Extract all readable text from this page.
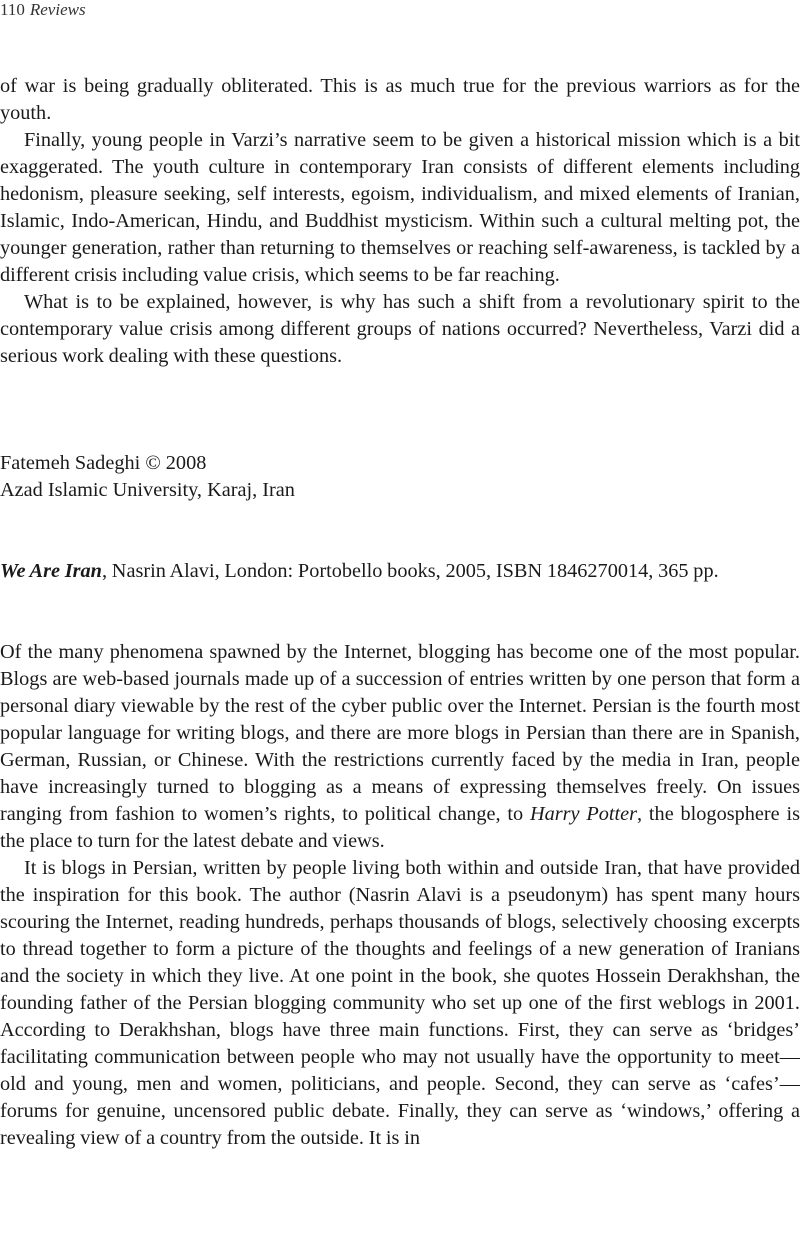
110 Reviews

of war is being gradually obliterated. This is as much true for the previous warriors as for the youth.

Finally, young people in Varzi’s narrative seem to be given a historical mission which is a bit exaggerated. The youth culture in contemporary Iran consists of different elements including hedonism, pleasure seeking, self interests, egoism, individualism, and mixed elements of Iranian, Islamic, Indo-American, Hindu, and Buddhist mysticism. Within such a cultural melting pot, the younger generation, rather than returning to themselves or reaching self-awareness, is tackled by a different crisis including value crisis, which seems to be far reaching.

What is to be explained, however, is why has such a shift from a revolutionary spirit to the contemporary value crisis among different groups of nations occurred? Nevertheless, Varzi did a serious work dealing with these questions.

Fatemeh Sadeghi © 2008
Azad Islamic University, Karaj, Iran

We Are Iran, Nasrin Alavi, London: Portobello books, 2005, ISBN 1846270014, 365 pp.

Of the many phenomena spawned by the Internet, blogging has become one of the most popular. Blogs are web-based journals made up of a succession of entries written by one person that form a personal diary viewable by the rest of the cyber public over the Internet. Persian is the fourth most popular language for writing blogs, and there are more blogs in Persian than there are in Spanish, German, Russian, or Chinese. With the restrictions currently faced by the media in Iran, people have increasingly turned to blogging as a means of expressing themselves freely. On issues ranging from fashion to women’s rights, to political change, to Harry Potter, the blogosphere is the place to turn for the latest debate and views.

It is blogs in Persian, written by people living both within and outside Iran, that have provided the inspiration for this book. The author (Nasrin Alavi is a pseudonym) has spent many hours scouring the Internet, reading hundreds, perhaps thousands of blogs, selectively choosing excerpts to thread together to form a picture of the thoughts and feelings of a new generation of Iranians and the society in which they live. At one point in the book, she quotes Hossein Derakhshan, the founding father of the Persian blogging community who set up one of the first weblogs in 2001. According to Derakhshan, blogs have three main functions. First, they can serve as ‘bridges’ facilitating communication between people who may not usually have the opportunity to meet—old and young, men and women, politicians, and people. Second, they can serve as ‘cafes’—forums for genuine, uncensored public debate. Finally, they can serve as ‘windows,’ offering a revealing view of a country from the outside. It is in
